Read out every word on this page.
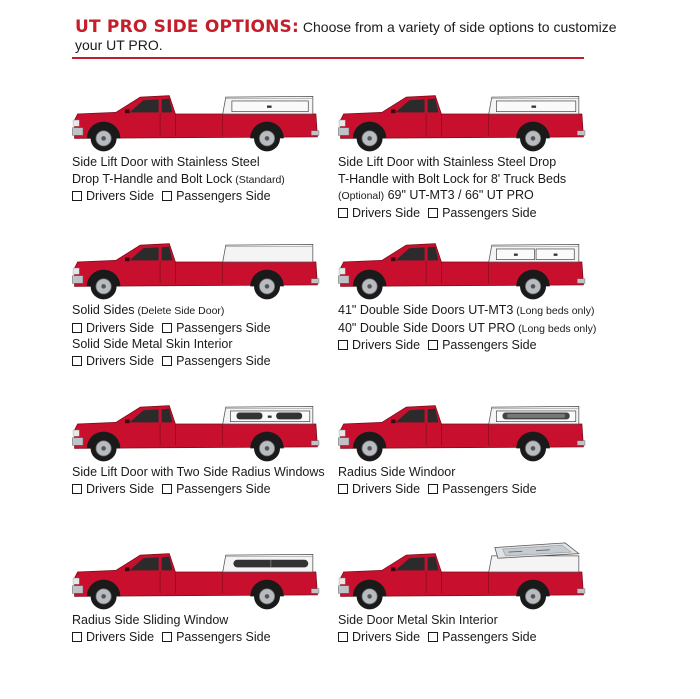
UT PRO SIDE OPTIONS: Choose from a variety of side options to customize
your UT PRO.
Side Lift Door with Stainless Steel
Drop T-Handle and Bolt Lock (Standard)
Drivers Side Passengers Side
Side Lift Door with Stainless Steel Drop
T-Handle with Bolt Lock for 8' Truck Beds
(Optional) 69" UT-MT3 / 66" UT PRO
Drivers Side Passengers Side
Solid Sides (Delete Side Door)
Drivers Side Passengers Side
Solid Side Metal Skin Interior
Drivers Side Passengers Side
41" Double Side Doors UT-MT3 (Long beds only)
40" Double Side Doors UT PRO (Long beds only)
Drivers Side Passengers Side
Side Lift Door with Two Side Radius Windows
Drivers Side Passengers Side
Radius Side Windoor
Drivers Side Passengers Side
Radius Side Sliding Window
Drivers Side Passengers Side
Side Door Metal Skin Interior
Drivers Side Passengers Side
